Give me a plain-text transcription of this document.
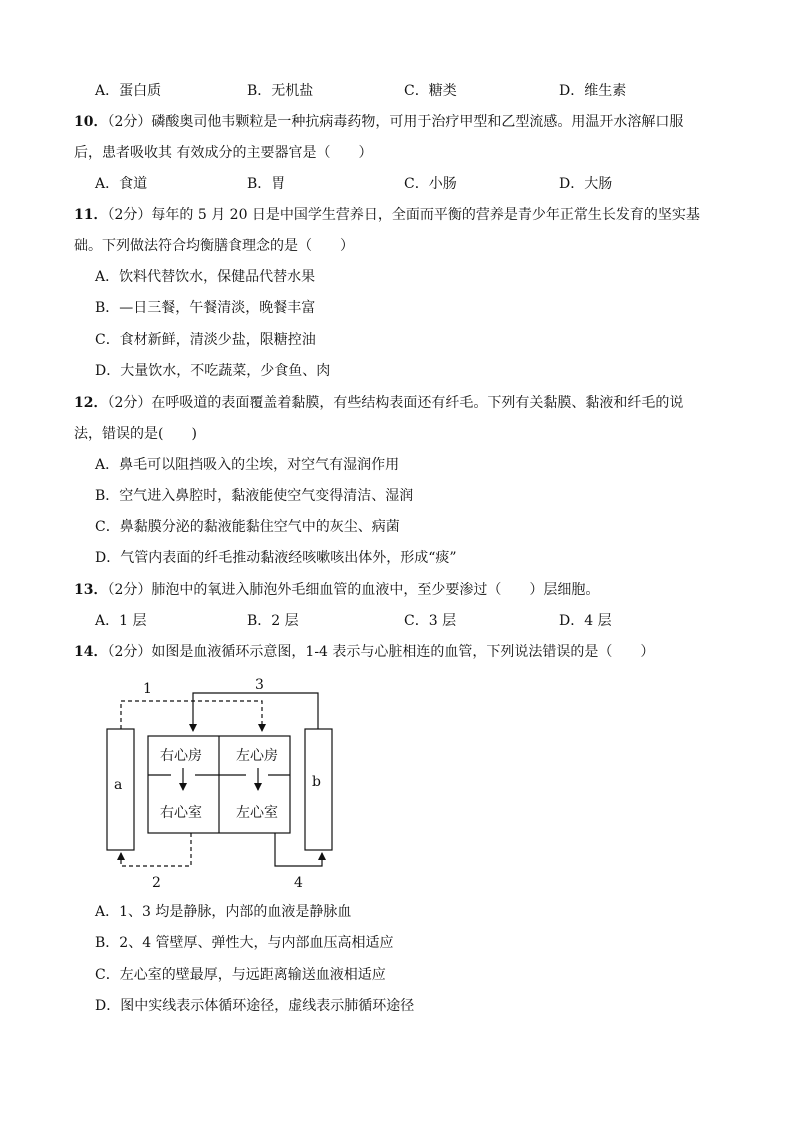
A．蛋白质	B．无机盐	C．糖类	D．维生素
10．（2分）磷酸奥司他韦颗粒是一种抗病毒药物，可用于治疗甲型和乙型流感。用温开水溶解口服
后，患者吸收其 有效成分的主要器官是（　　）
A．食道	B．胃	C．小肠	D．大肠
11．（2分）每年的 5 月 20 日是中国学生营养日，全面而平衡的营养是青少年正常生长发育的坚实基
础。下列做法符合均衡膳食理念的是（　　）
A．饮料代替饮水，保健品代替水果
B．—日三餐，午餐清淡，晚餐丰富
C．食材新鲜，清淡少盐，限糖控油
D．大量饮水，不吃蔬菜，少食鱼、肉
12．（2分）在呼吸道的表面覆盖着黏膜，有些结构表面还有纤毛。下列有关黏膜、黏液和纤毛的说
法，错误的是(　　)
A．鼻毛可以阻挡吸入的尘埃，对空气有湿润作用
B．空气进入鼻腔时，黏液能使空气变得清洁、湿润
C．鼻黏膜分泌的黏液能黏住空气中的灰尘、病菌
D．气管内表面的纤毛推动黏液经咳嗽咳出体外，形成“痰”
13．（2分）肺泡中的氧进入肺泡外毛细血管的血液中，至少要渗过（　　）层细胞。
A．1 层	B．2 层	C．3 层	D．4 层
14．（2分）如图是血液循环示意图，1-4 表示与心脏相连的血管，下列说法错误的是（　　）
a	b
右心房 左心房
右心室 左心室
1	3
2	4
A．1、3 均是静脉，内部的血液是静脉血
B．2、4 管壁厚、弹性大，与内部血压高相适应
C．左心室的壁最厚，与远距离输送血液相适应
D．图中实线表示体循环途径，虚线表示肺循环途径
